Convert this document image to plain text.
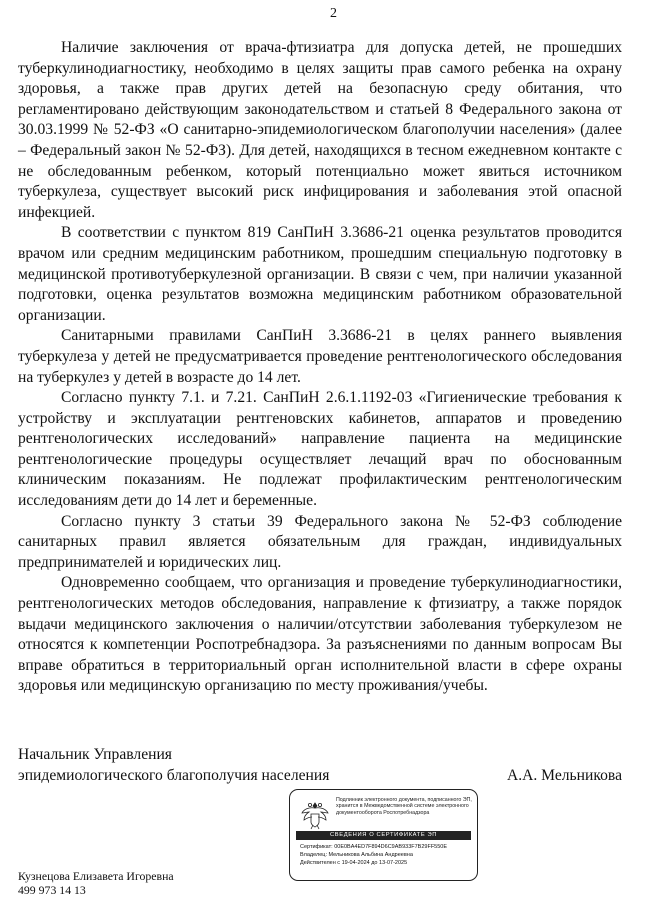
2

Наличие заключения от врача-фтизиатра для допуска детей, не прошедших туберкулинодиагностику, необходимо в целях защиты прав самого ребенка на охрану здоровья, а также прав других детей на безопасную среду обитания, что регламентировано действующим законодательством и статьей 8 Федерального закона от 30.03.1999 № 52-ФЗ «О санитарно-эпидемиологическом благополучии населения» (далее – Федеральный закон № 52-ФЗ). Для детей, находящихся в тесном ежедневном контакте с не обследованным ребенком, который потенциально может явиться источником туберкулеза, существует высокий риск инфицирования и заболевания этой опасной инфекцией.

В соответствии с пунктом 819 СанПиН 3.3686-21 оценка результатов проводится врачом или средним медицинским работником, прошедшим специальную подготовку в медицинской противотуберкулезной организации. В связи с чем, при наличии указанной подготовки, оценка результатов возможна медицинским работником образовательной организации.

Санитарными правилами СанПиН 3.3686-21 в целях раннего выявления туберкулеза у детей не предусматривается проведение рентгенологического обследования на туберкулез у детей в возрасте до 14 лет.

Согласно пункту 7.1. и 7.21. СанПиН 2.6.1.1192-03 «Гигиенические требования к устройству и эксплуатации рентгеновских кабинетов, аппаратов и проведению рентгенологических исследований» направление пациента на медицинские рентгенологические процедуры осуществляет лечащий врач по обоснованным клиническим показаниям. Не подлежат профилактическим рентгенологическим исследованиям дети до 14 лет и беременные.

Согласно пункту 3 статьи 39 Федерального закона № 52-ФЗ соблюдение санитарных правил является обязательным для граждан, индивидуальных предпринимателей и юридических лиц.

Одновременно сообщаем, что организация и проведение туберкулинодиагностики, рентгенологических методов обследования, направление к фтизиатру, а также порядок выдачи медицинского заключения о наличии/отсутствии заболевания туберкулезом не относятся к компетенции Роспотребнадзора. За разъяснениями по данным вопросам Вы вправе обратиться в территориальный орган исполнительной власти в сфере охраны здоровья или медицинскую организацию по месту проживания/учебы.

Начальник Управления
эпидемиологического благополучия населения	А.А. Мельникова
Подлинник электронного документа, подписанного ЭП,
хранится в Межведомственной системе электронного
документооборота Роспотребнадзора
СВЕДЕНИЯ О СЕРТИФИКАТЕ ЭП
Сертификат: 00E0BA4ED7F894D6C9AB933F7B29FF550E
Владелец: Мельникова Альбина Андреевна
Действителен с 19-04-2024 до 13-07-2025
Кузнецова Елизавета Игоревна
499 973 14 13
